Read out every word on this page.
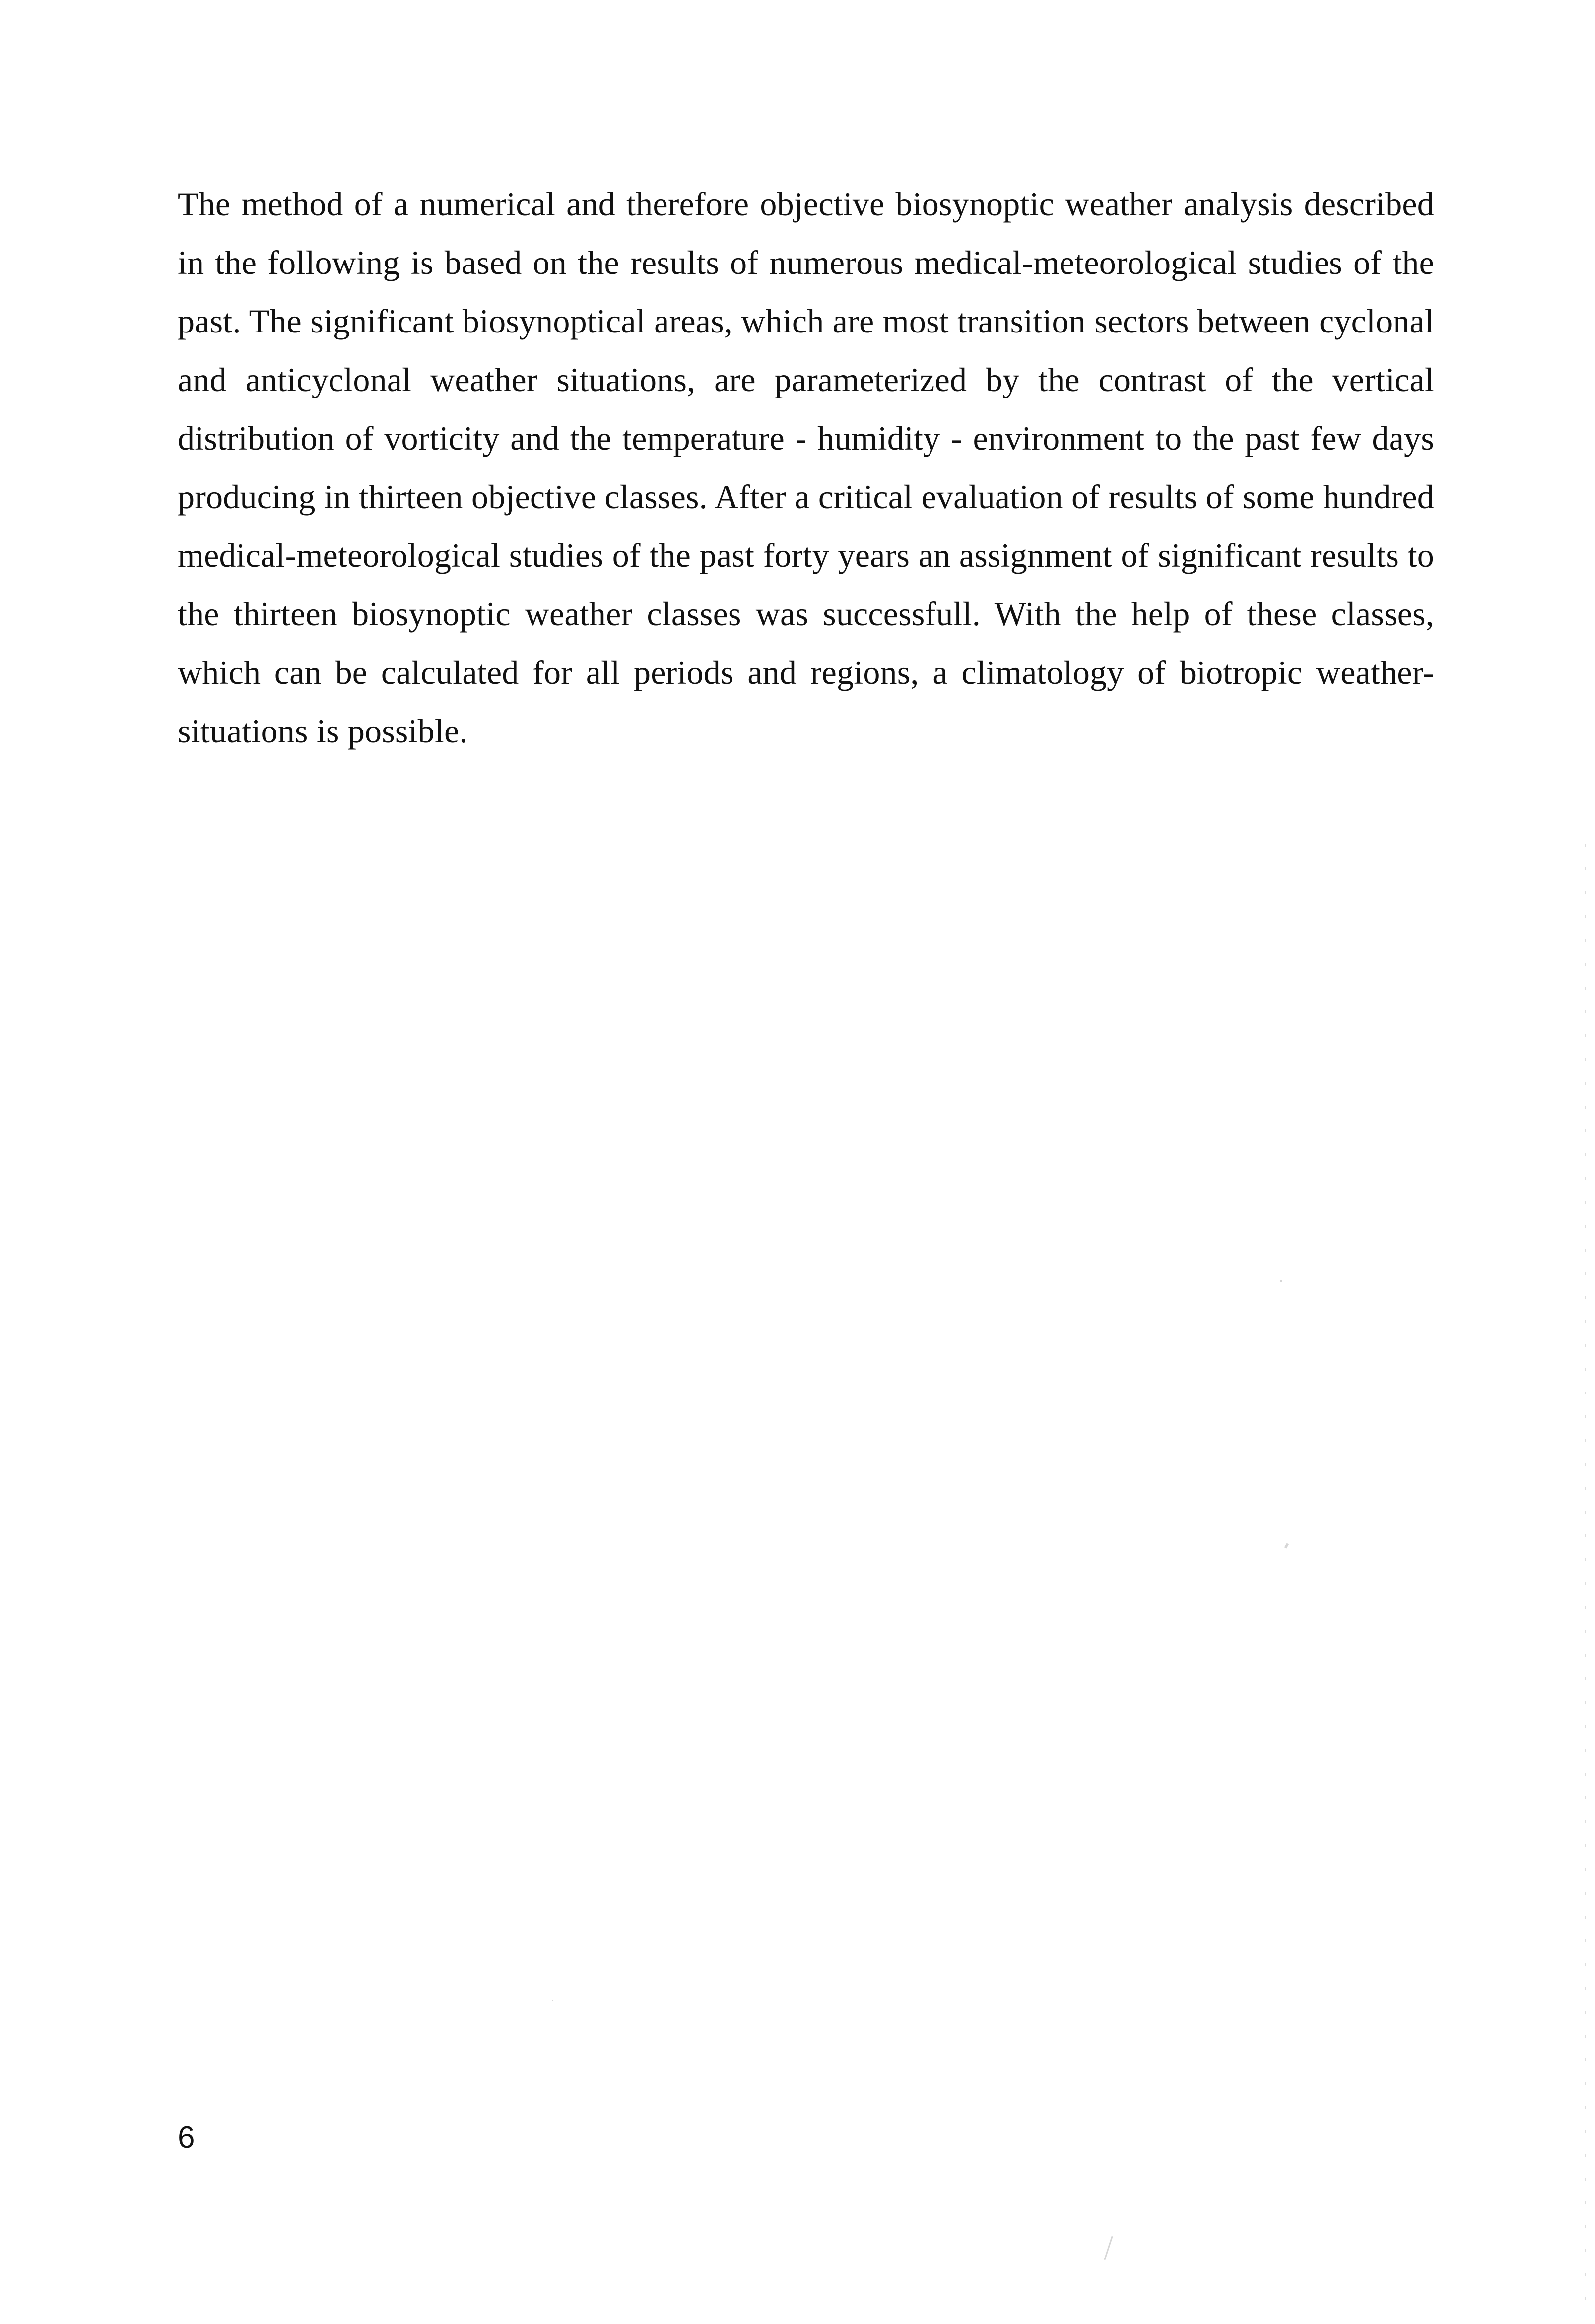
The method of a numerical and therefore objective biosynoptic weather analysis described in the following is based on the results of numerous medical-meteorological studies of the past. The significant biosynoptical areas, which are most transition sectors between cyclonal and anticyclonal weather situations, are parameterized by the contrast of the vertical distribution of vorticity and the temperature - humidity - environment to the past few days producing in thirteen objective classes. After a critical evaluation of results of some hundred medical-meteorological studies of the past forty years an assignment of significant results to the thirteen biosynoptic weather classes was successfull. With the help of these classes, which can be calculated for all periods and regions, a climatology of biotropic weather-situations is possible.

6
